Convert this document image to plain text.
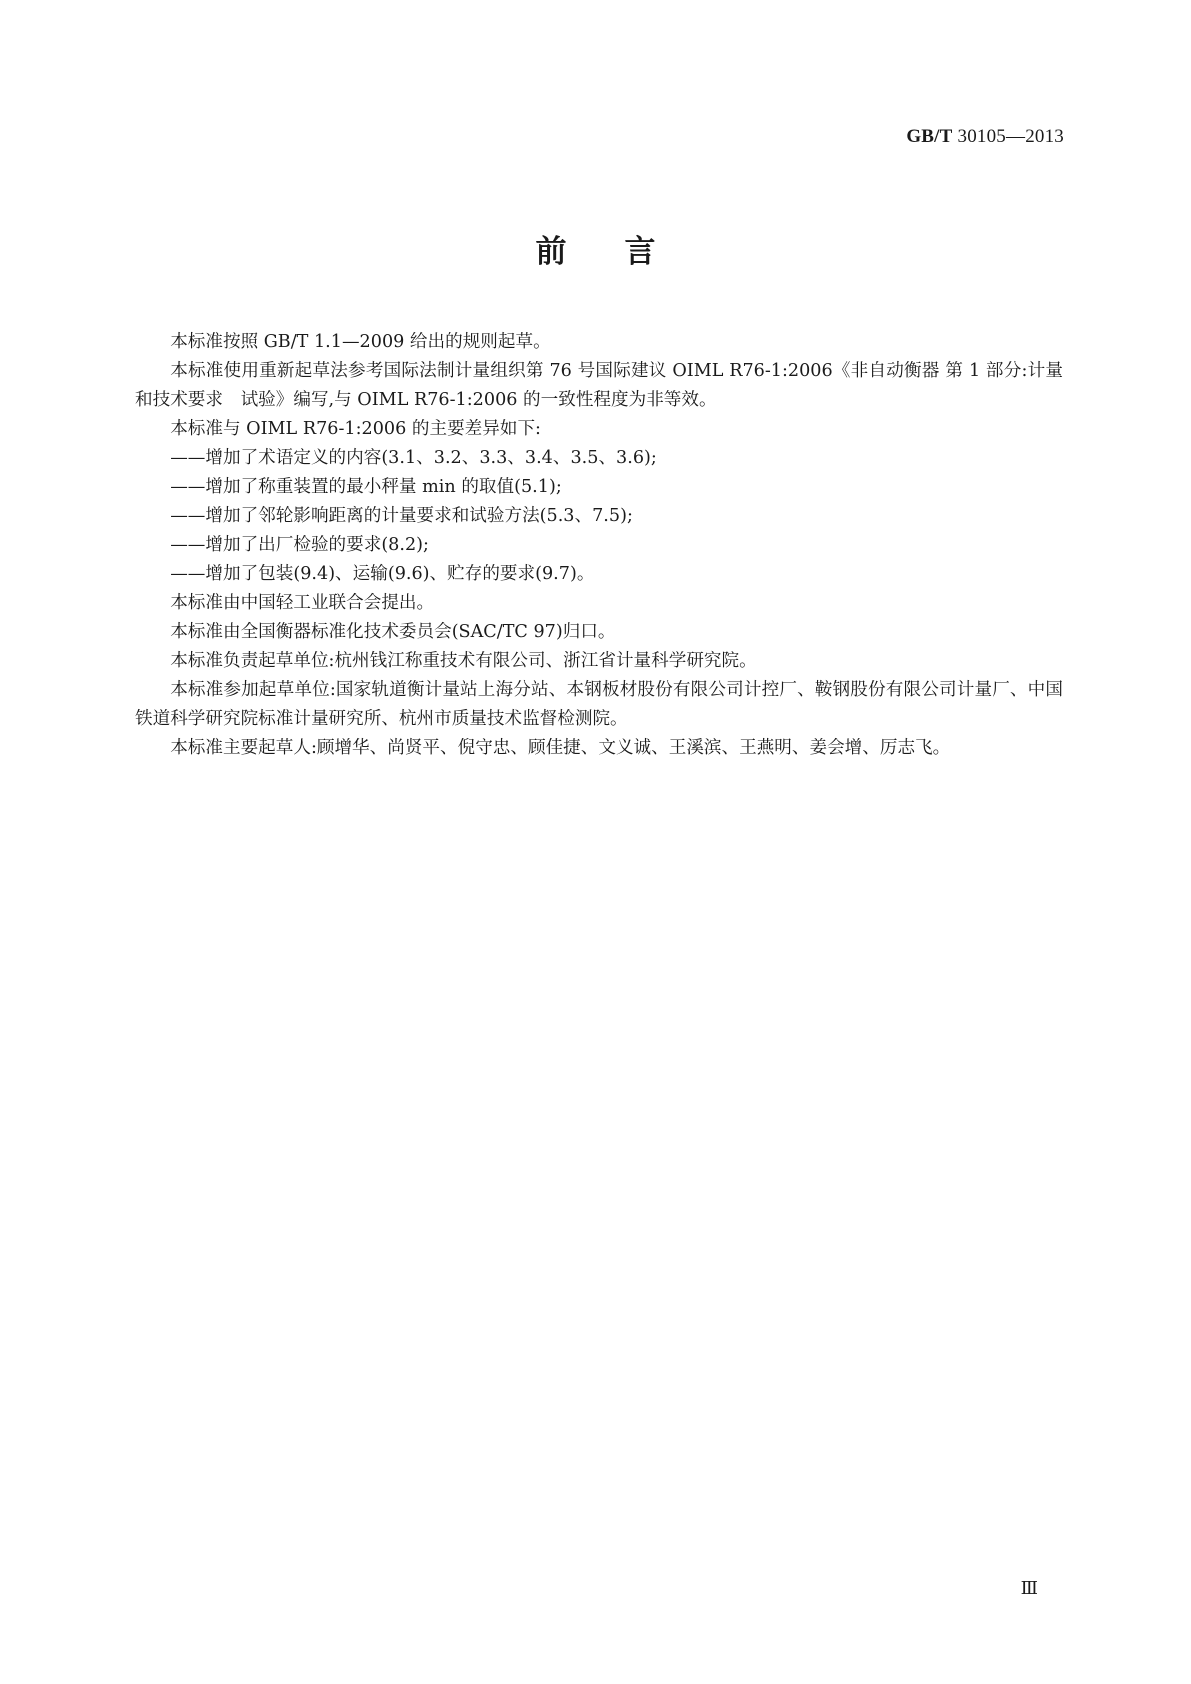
GB/T 30105—2013
前言

本标准按照 GB/T 1.1—2009 给出的规则起草。

本标准使用重新起草法参考国际法制计量组织第 76 号国际建议 OIML R76-1:2006《非自动衡器 第 1 部分:计量和技术要求　试验》编写,与 OIML R76-1:2006 的一致性程度为非等效。

本标准与 OIML R76-1:2006 的主要差异如下:

——增加了术语定义的内容(3.1、3.2、3.3、3.4、3.5、3.6);

——增加了称重装置的最小秤量 min 的取值(5.1);

——增加了邻轮影响距离的计量要求和试验方法(5.3、7.5);

——增加了出厂检验的要求(8.2);

——增加了包装(9.4)、运输(9.6)、贮存的要求(9.7)。

本标准由中国轻工业联合会提出。

本标准由全国衡器标准化技术委员会(SAC/TC 97)归口。

本标准负责起草单位:杭州钱江称重技术有限公司、浙江省计量科学研究院。

本标准参加起草单位:国家轨道衡计量站上海分站、本钢板材股份有限公司计控厂、鞍钢股份有限公司计量厂、中国铁道科学研究院标准计量研究所、杭州市质量技术监督检测院。

本标准主要起草人:顾增华、尚贤平、倪守忠、顾佳捷、文义诚、王溪滨、王燕明、姜会增、厉志飞。

Ⅲ
